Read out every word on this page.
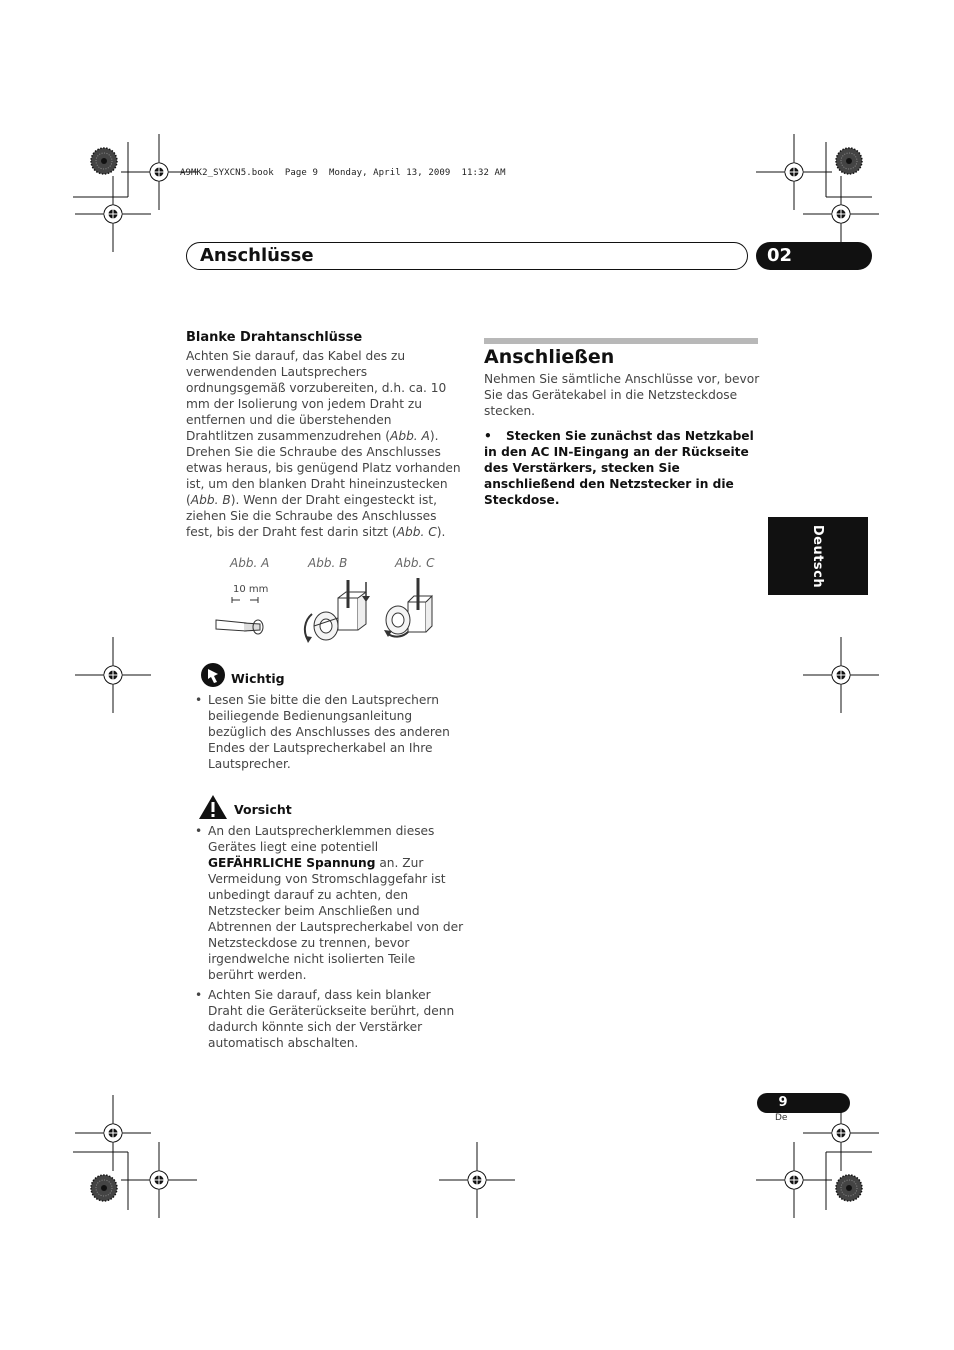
A9MK2_SYXCN5.book  Page 9  Monday, April 13, 2009  11:32 AM
Anschlüsse	02
Deutsch
Blanke Drahtanschlüsse

Achten Sie darauf, das Kabel des zu verwendenden Lautsprechers ordnungsgemäß vorzubereiten, d.h. ca. 10 mm der Isolierung von jedem Draht zu entfernen und die überstehenden Drahtlitzen zusammenzudrehen (Abb. A).

Drehen Sie die Schraube des Anschlusses etwas heraus, bis genügend Platz vorhanden ist, um den blanken Draht hineinzustecken (Abb. B). Wenn der Draht eingesteckt ist, ziehen Sie die Schraube des Anschlusses fest, bis der Draht fest darin sitzt (Abb. C).

Abb. A	Abb. B	Abb. C
10 mm
Wichtig
• Lesen Sie bitte die den Lautsprechern beiliegende Bedienungsanleitung bezüglich des Anschlusses des anderen Endes der Lautsprecherkabel an Ihre Lautsprecher.
Vorsicht
• An den Lautsprecherklemmen dieses Gerätes liegt eine potentiell GEFÄHRLICHE Spannung an. Zur Vermeidung von Stromschlaggefahr ist unbedingt darauf zu achten, den Netzstecker beim Anschließen und Abtrennen der Lautsprecherkabel von der Netzsteckdose zu trennen, bevor irgendwelche nicht isolierten Teile berührt werden.
• Achten Sie darauf, dass kein blanker Draht die Geräterückseite berührt, denn dadurch könnte sich der Verstärker automatisch abschalten.
Anschließen
Nehmen Sie sämtliche Anschlüsse vor, bevor Sie das Gerätekabel in die Netzsteckdose stecken.
• Stecken Sie zunächst das Netzkabel in den AC IN-Eingang an der Rückseite des Verstärkers, stecken Sie anschließend den Netzstecker in die Steckdose.
9
De
